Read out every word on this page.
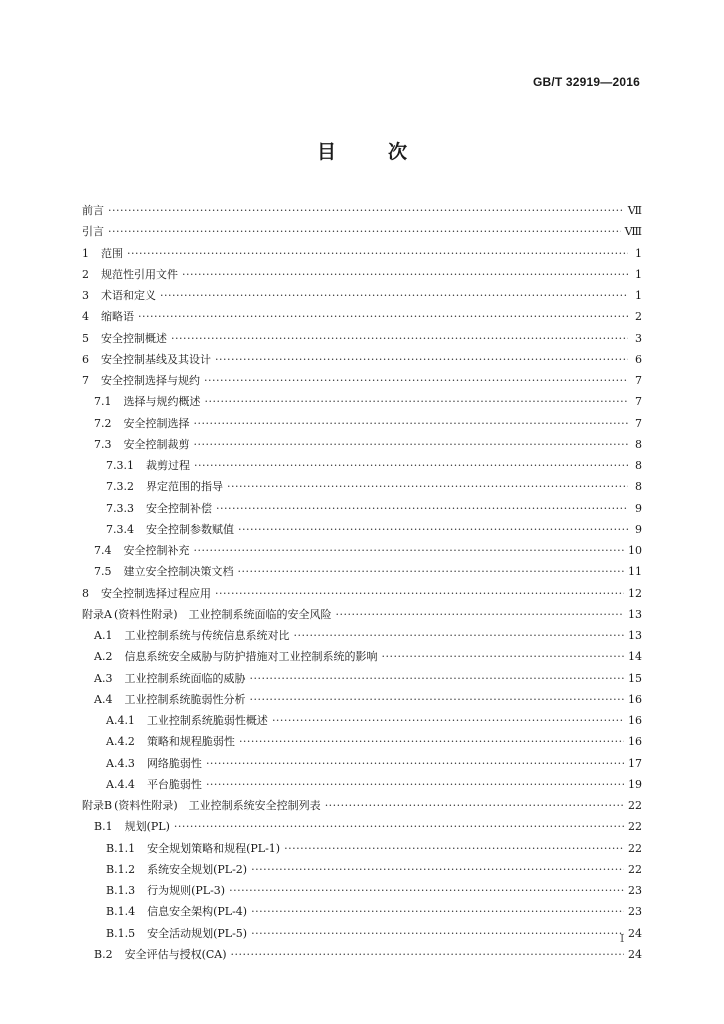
GB/T 32919—2016
目	次
前言 ·····	Ⅶ
引言 ·····	Ⅷ
1 范围 ·····	1
2 规范性引用文件 ·····	1
3 术语和定义 ·····	1
4 缩略语 ·····	2
5 安全控制概述 ·····	3
6 安全控制基线及其设计 ·····	6
7 安全控制选择与规约 ·····	7
7.1 选择与规约概述 ·····	7
7.2 安全控制选择 ·····	7
7.3 安全控制裁剪 ·····	8
7.3.1 裁剪过程 ·····	8
7.3.2 界定范围的指导 ·····	8
7.3.3 安全控制补偿 ·····	9
7.3.4 安全控制参数赋值 ·····	9
7.4 安全控制补充 ·····	10
7.5 建立安全控制决策文档 ·····	11
8 安全控制选择过程应用 ·····	12
附录A (资料性附录)　工业控制系统面临的安全风险 ·····	13
A.1 工业控制系统与传统信息系统对比 ·····	13
A.2 信息系统安全威胁与防护措施对工业控制系统的影响 ·····	14
A.3 工业控制系统面临的威胁 ·····	15
A.4 工业控制系统脆弱性分析 ·····	16
A.4.1 工业控制系统脆弱性概述 ·····	16
A.4.2 策略和规程脆弱性 ·····	16
A.4.3 网络脆弱性 ·····	17
A.4.4 平台脆弱性 ·····	19
附录B (资料性附录)　工业控制系统安全控制列表 ·····	22
B.1 规划(PL) ·····	22
B.1.1 安全规划策略和规程(PL-1) ·····	22
B.1.2 系统安全规划(PL-2) ·····	22
B.1.3 行为规则(PL-3) ·····	23
B.1.4 信息安全架构(PL-4) ·····	23
B.1.5 安全活动规划(PL-5) ·····	24
B.2 安全评估与授权(CA) ·····	24
Ⅰ
